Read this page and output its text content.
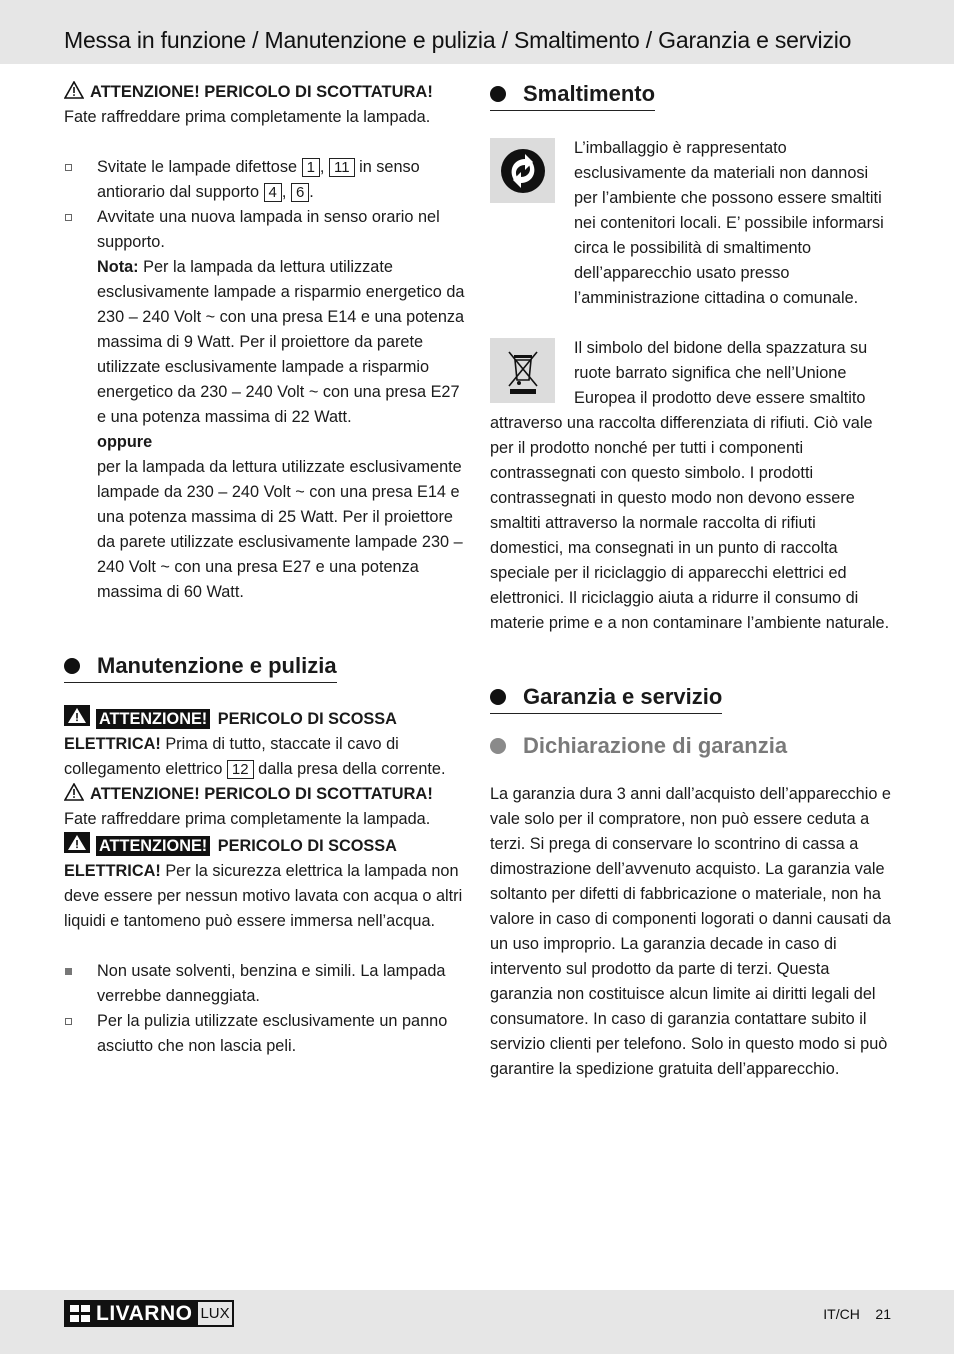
Messa in funzione / Manutenzione e pulizia / Smaltimento / Garanzia e servizio

ATTENZIONE! PERICOLO DI SCOTTATURA!

Fate raffreddare prima completamente la lampada.

Svitate le lampade difettose 1 , 11 in senso antiorario dal supporto 4 , 6 .

Avvitate una nuova lampada in senso orario nel supporto.

Nota: Per la lampada da lettura utilizzate esclusivamente lampade a risparmio energetico da 230 – 240 Volt ~ con una presa E14 e una potenza massima di 9 Watt. Per il proiettore da parete utilizzate esclusivamente lampade a risparmio energetico da 230 – 240 Volt ~ con una presa E27 e una potenza massima di 22 Watt.

oppure

per la lampada da lettura utilizzate esclusivamente lampade da 230 – 240 Volt ~ con una presa E14 e una potenza massima di 25 Watt. Per il proiettore da parete utilizzate esclusivamente lampade 230 – 240 Volt ~ con una presa E27 e una potenza massima di 60 Watt.

Manutenzione e pulizia

ATTENZIONE! PERICOLO DI SCOSSA ELETTRICA! Prima di tutto, staccate il cavo di collegamento elettrico 12 dalla presa della corrente.

ATTENZIONE! PERICOLO DI SCOTTATURA!

Fate raffreddare prima completamente la lampada.

ATTENZIONE! PERICOLO DI SCOSSA ELETTRICA! Per la sicurezza elettrica la lampada non deve essere per nessun motivo lavata con acqua o altri liquidi e tantomeno può essere immersa nell’acqua.

Non usate solventi, benzina e simili. La lampada verrebbe danneggiata.

Per la pulizia utilizzate esclusivamente un panno asciutto che non lascia peli.

Smaltimento

L’imballaggio è rappresentato esclusivamente da materiali non dannosi per l’ambiente che possono essere smaltiti nei contenitori locali. E’ possibile informarsi circa le possibilità di smaltimento dell’apparecchio usato presso l’amministrazione cittadina o comunale.

Il simbolo del bidone della spazzatura su ruote barrato significa che nell’Unione Europea il prodotto deve essere smaltito attraverso una raccolta differenziata di rifiuti. Ciò vale per il prodotto nonché per tutti i componenti contrassegnati con questo simbolo. I prodotti contrassegnati in questo modo non devono essere smaltiti attraverso la normale raccolta di rifiuti domestici, ma consegnati in un punto di raccolta speciale per il riciclaggio di apparecchi elettrici ed elettronici. Il riciclaggio aiuta a ridurre il consumo di materie prime e a non contaminare l’ambiente naturale.

Garanzia e servizio
Dichiarazione di garanzia

La garanzia dura 3 anni dall’acquisto dell’apparecchio e vale solo per il compratore, non può essere ceduta a terzi. Si prega di conservare lo scontrino di cassa a dimostrazione dell’avvenuto acquisto. La garanzia vale soltanto per difetti di fabbricazione o materiale, non ha valore in caso di componenti logorati o danni causati da un uso improprio. La garanzia decade in caso di intervento sul prodotto da parte di terzi. Questa garanzia non costituisce alcun limite ai diritti legali del consumatore. In caso di garanzia contattare subito il servizio clienti per telefono. Solo in questo modo si può garantire la spedizione gratuita dell’apparecchio.

LIVARNO LUX	IT/CH 21
